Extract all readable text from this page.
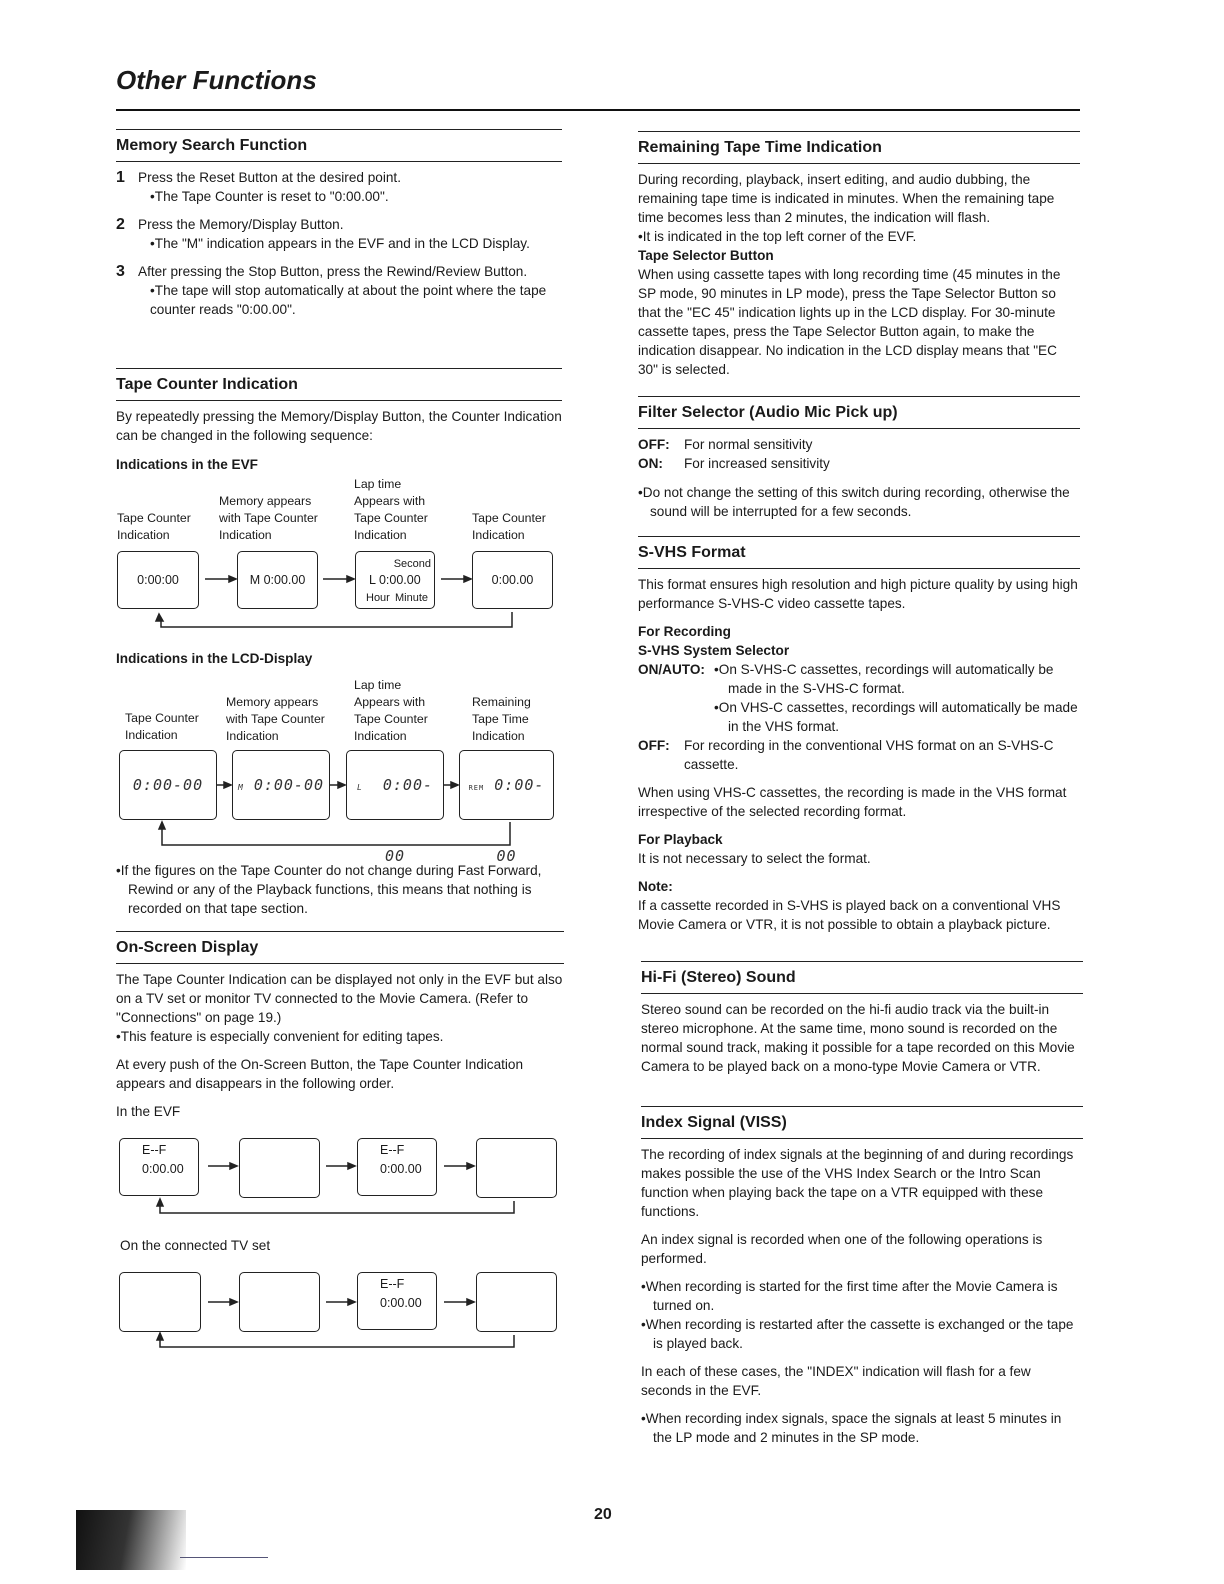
Other Functions
Memory Search Function
1 Press the Reset Button at the desired point.
•The Tape Counter is reset to "0:00.00".
2 Press the Memory/Display Button.
•The "M" indication appears in the EVF and in the LCD Display.
3 After pressing the Stop Button, press the Rewind/Review Button.
•The tape will stop automatically at about the point where the tape counter reads "0:00.00".
Tape Counter Indication

By repeatedly pressing the Memory/Display Button, the Counter Indication can be changed in the following sequence:

Indications in the EVF

Tape Counter Indication
Memory appears with Tape Counter Indication
Lap time Appears with Tape Counter Indication
Tape Counter Indication
0:00:00	M 0:00.00
Second
L 0:00.00
Hour Minute
0:00.00
Indications in the LCD-Display
Tape Counter Indication
Memory appears with Tape Counter Indication
Lap time Appears with Tape Counter Indication
Remaining Tape Time Indication
0:00-00	M 0:00-00	L 0:00-00
REM 0:00-00
•If the figures on the Tape Counter do not change during Fast Forward, Rewind or any of the Playback functions, this means that nothing is recorded on that tape section.
On-Screen Display

The Tape Counter Indication can be displayed not only in the EVF but also on a TV set or monitor TV connected to the Movie Camera. (Refer to "Connections" on page 19.)

•This feature is especially convenient for editing tapes.

At every push of the On-Screen Button, the Tape Counter Indication appears and disappears in the following order.

In the EVF

E--F
0:00.00
E--F
0:00.00
On the connected TV set
E--F
0:00.00
Remaining Tape Time Indication

During recording, playback, insert editing, and audio dubbing, the remaining tape time is indicated in minutes. When the remaining tape time becomes less than 2 minutes, the indication will flash.

•It is indicated in the top left corner of the EVF.

Tape Selector Button

When using cassette tapes with long recording time (45 minutes in the SP mode, 90 minutes in LP mode), press the Tape Selector Button so that the "EC 45" indication lights up in the LCD display. For 30-minute cassette tapes, press the Tape Selector Button again, to make the indication disappear. No indication in the LCD display means that "EC 30" is selected.

Filter Selector (Audio Mic Pick up)
OFF:	For normal sensitivity
ON:	For increased sensitivity

•Do not change the setting of this switch during recording, otherwise the sound will be interrupted for a few seconds.

S-VHS Format

This format ensures high resolution and high picture quality by using high performance S-VHS-C video cassette tapes.

For Recording

S-VHS System Selector

ON/AUTO: •On S-VHS-C cassettes, recordings will automatically be made in the S-VHS-C format.
•On VHS-C cassettes, recordings will automatically be made in the VHS format.
OFF:	For recording in the conventional VHS format on an S-VHS-C cassette.

When using VHS-C cassettes, the recording is made in the VHS format irrespective of the selected recording format.

For Playback

It is not necessary to select the format.

Note:

If a cassette recorded in S-VHS is played back on a conventional VHS Movie Camera or VTR, it is not possible to obtain a playback picture.

Hi-Fi (Stereo) Sound

Stereo sound can be recorded on the hi-fi audio track via the built-in stereo microphone. At the same time, mono sound is recorded on the normal sound track, making it possible for a tape recorded on this Movie Camera to be played back on a mono-type Movie Camera or VTR.

Index Signal (VISS)

The recording of index signals at the beginning of and during recordings makes possible the use of the VHS Index Search or the Intro Scan function when playing back the tape on a VTR equipped with these functions.

An index signal is recorded when one of the following operations is performed.

•When recording is started for the first time after the Movie Camera is turned on.

•When recording is restarted after the cassette is exchanged or the tape is played back.

In each of these cases, the "INDEX" indication will flash for a few seconds in the EVF.

•When recording index signals, space the signals at least 5 minutes in the LP mode and 2 minutes in the SP mode.

20
